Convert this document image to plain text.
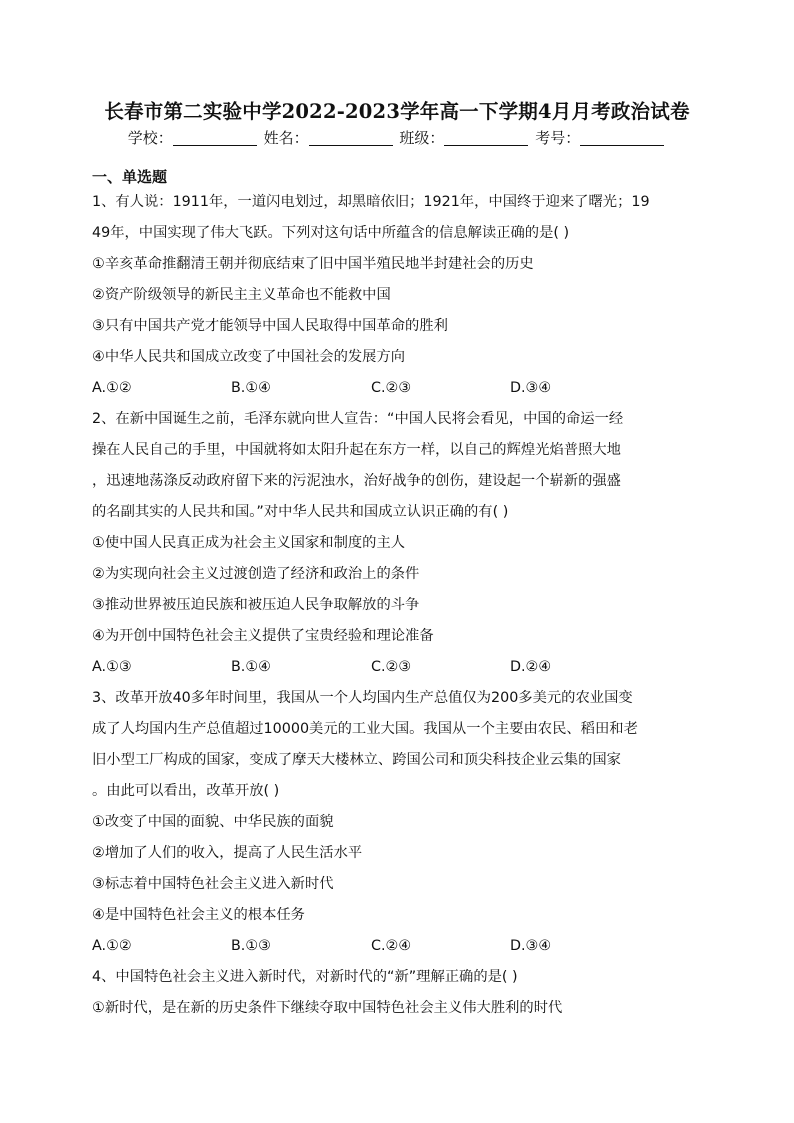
长春市第二实验中学2022-2023学年高一下学期4月月考政治试卷
学校：	姓名：	班级：	考号：
一、单选题
1、有人说：1911年，一道闪电划过，却黑暗依旧；1921年，中国终于迎来了曙光；19
49年，中国实现了伟大飞跃。下列对这句话中所蕴含的信息解读正确的是( )
①辛亥革命推翻清王朝并彻底结束了旧中国半殖民地半封建社会的历史
②资产阶级领导的新民主主义革命也不能救中国
③只有中国共产党才能领导中国人民取得中国革命的胜利
④中华人民共和国成立改变了中国社会的发展方向
A.①②	B.①④	C.②③	D.③④
2、在新中国诞生之前，毛泽东就向世人宣告：“中国人民将会看见，中国的命运一经
操在人民自己的手里，中国就将如太阳升起在东方一样，以自己的辉煌光焰普照大地
，迅速地荡涤反动政府留下来的污泥浊水，治好战争的创伤，建设起一个崭新的强盛
的名副其实的人民共和国。”对中华人民共和国成立认识正确的有( )
①使中国人民真正成为社会主义国家和制度的主人
②为实现向社会主义过渡创造了经济和政治上的条件
③推动世界被压迫民族和被压迫人民争取解放的斗争
④为开创中国特色社会主义提供了宝贵经验和理论准备
A.①③	B.①④	C.②③	D.②④
3、改革开放40多年时间里，我国从一个人均国内生产总值仅为200多美元的农业国变
成了人均国内生产总值超过10000美元的工业大国。我国从一个主要由农民、稻田和老
旧小型工厂构成的国家，变成了摩天大楼林立、跨国公司和顶尖科技企业云集的国家
。由此可以看出，改革开放( )
①改变了中国的面貌、中华民族的面貌
②增加了人们的收入，提高了人民生活水平
③标志着中国特色社会主义进入新时代
④是中国特色社会主义的根本任务
A.①②	B.①③	C.②④	D.③④
4、中国特色社会主义进入新时代，对新时代的“新”理解正确的是( )
①新时代，是在新的历史条件下继续夺取中国特色社会主义伟大胜利的时代
